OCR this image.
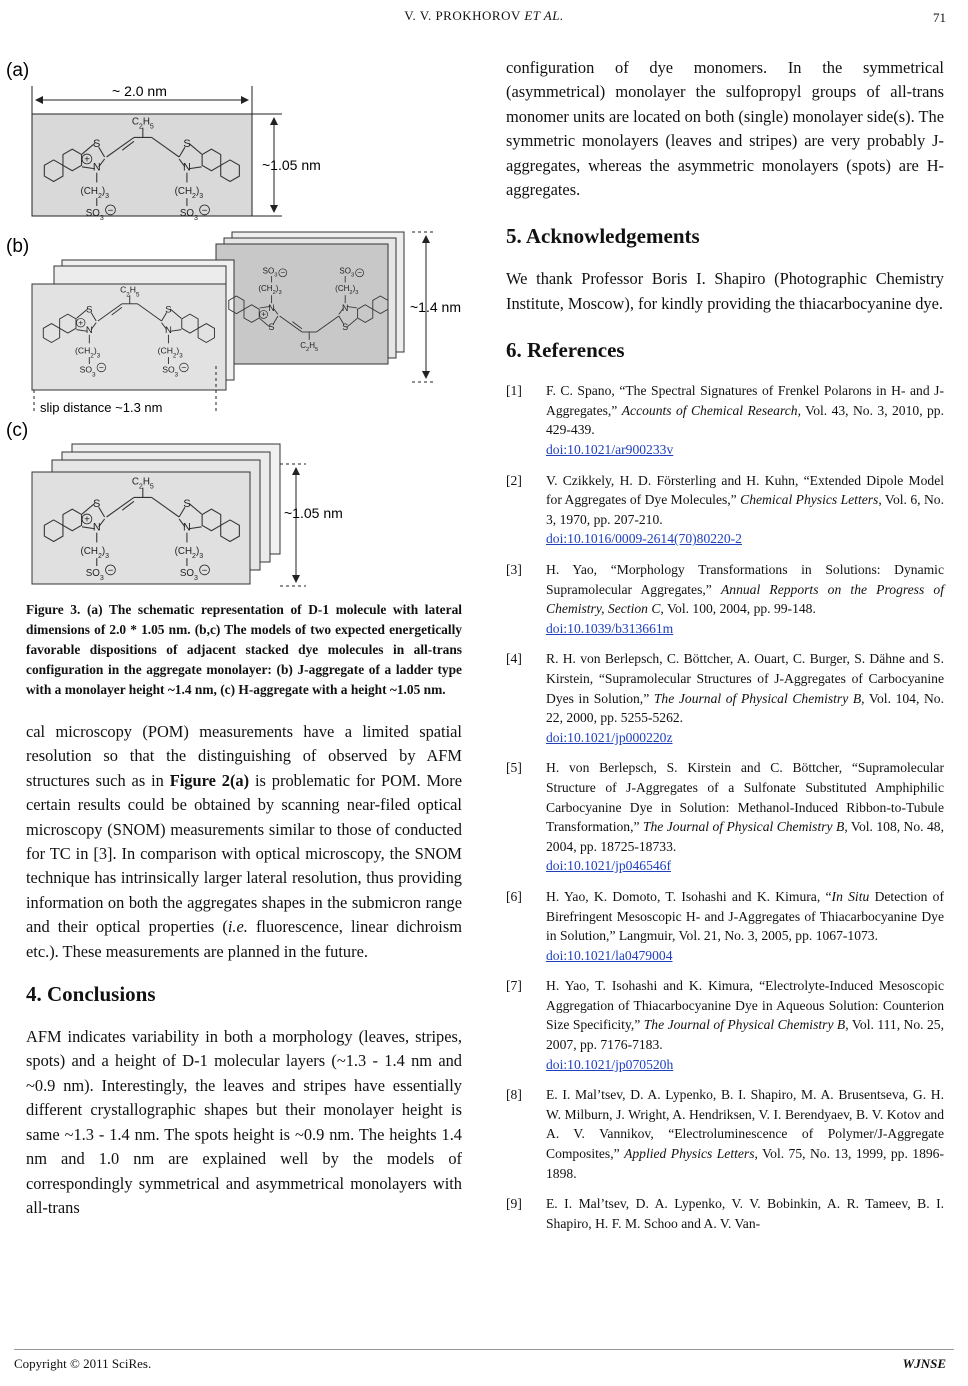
V. V. PROKHOROV ET AL.	71
(a)
(b)
(c)
~ 2.0 nm
~1.05 nm
S
N
S
N
$C_2H_5$
$(CH_2)_3$	$(CH_2)_3$
$SO_3$	$SO_3$
+
−	−
S
N
S
N
$C_2H_5$
$(CH_2)_3$	$(CH_2)_3$
$SO_3$	$SO_3$
+
−	−
S
N
S
N
$C_2H_5$
$(CH_2)_3$	$(CH_2)_3$
$SO_3$	$SO_3$
+
−	−
~1.4 nm
slip distance ~1.3 nm
S
N
S
N
$C_2H_5$
$(CH_2)_3$	$(CH_2)_3$
$SO_3$	$SO_3$
+
−	−
~1.05 nm
Figure 3. (a) The schematic representation of D-1 molecule with lateral dimensions of 2.0 * 1.05 nm. (b,c) The models of two expected energetically favorable dispositions of adjacent stacked dye molecules in all-trans configuration in the aggregate monolayer: (b) J-aggregate of a ladder type with a monolayer height ~1.4 nm, (c) H-aggregate with a height ~1.05 nm.

cal microscopy (POM) measurements have a limited spatial resolution so that the distinguishing of observed by AFM structures such as in Figure 2(a) is problematic for POM. More certain results could be obtained by scanning near-filed optical microscopy (SNOM) measurements similar to those of conducted for TC in [3]. In comparison with optical microscopy, the SNOM technique has intrinsically larger lateral resolution, thus providing information on both the aggregates shapes in the submicron range and their optical properties (i.e. fluorescence, linear dichroism etc.). These measurements are planned in the future.

4. Conclusions

AFM indicates variability in both a morphology (leaves, stripes, spots) and a height of D-1 molecular layers (~1.3 - 1.4 nm and ~0.9 nm). Interestingly, the leaves and stripes have essentially different crystallographic shapes but their monolayer height is same ~1.3 - 1.4 nm. The spots height is ~0.9 nm. The heights 1.4 nm and 1.0 nm are explained well by the models of correspondingly symmetrical and asymmetrical monolayers with all-trans

configuration of dye monomers. In the symmetrical (asymmetrical) monolayer the sulfopropyl groups of all-trans monomer units are located on both (single) monolayer side(s). The symmetric monolayers (leaves and stripes) are very probably J-aggregates, whereas the asymmetric monolayers (spots) are H-aggregates.

5. Acknowledgements

We thank Professor Boris I. Shapiro (Photographic Chemistry Institute, Moscow), for kindly providing the thiacarbocyanine dye.

6. References
[1] F. C. Spano, “The Spectral Signatures of Frenkel Polarons in H- and J-Aggregates,” Accounts of Chemical Research, Vol. 43, No. 3, 2010, pp. 429-439.
doi:10.1021/ar900233v
[2] V. Czikkely, H. D. Försterling and H. Kuhn, “Extended Dipole Model for Aggregates of Dye Molecules,” Chemical Physics Letters, Vol. 6, No. 3, 1970, pp. 207-210.
doi:10.1016/0009-2614(70)80220-2
[3] H. Yao, “Morphology Transformations in Solutions: Dynamic Supramolecular Aggregates,” Annual Repports on the Progress of Chemistry, Section C, Vol. 100, 2004, pp. 99-148.
doi:10.1039/b313661m
[4] R. H. von Berlepsch, C. Böttcher, A. Ouart, C. Burger, S. Dähne and S. Kirstein, “Supramolecular Structures of J-Aggregates of Carbocyanine Dyes in Solution,” The Journal of Physical Chemistry B, Vol. 104, No. 22, 2000, pp. 5255-5262.
doi:10.1021/jp000220z
[5] H. von Berlepsch, S. Kirstein and C. Böttcher, “Supramolecular Structure of J-Aggregates of a Sulfonate Substituted Amphiphilic Carbocyanine Dye in Solution: Methanol-Induced Ribbon-to-Tubule Transformation,” The Journal of Physical Chemistry B, Vol. 108, No. 48, 2004, pp. 18725-18733.
doi:10.1021/jp046546f
[6] H. Yao, K. Domoto, T. Isohashi and K. Kimura, “In Situ Detection of Birefringent Mesoscopic H- and J-Aggregates of Thiacarbocyanine Dye in Solution,” Langmuir, Vol. 21, No. 3, 2005, pp. 1067-1073.
doi:10.1021/la0479004
[7] H. Yao, T. Isohashi and K. Kimura, “Electrolyte-Induced Mesoscopic Aggregation of Thiacarbocyanine Dye in Aqueous Solution: Counterion Size Specificity,” The Journal of Physical Chemistry B, Vol. 111, No. 25, 2007, pp. 7176-7183.
doi:10.1021/jp070520h
[8] E. I. Mal’tsev, D. A. Lypenko, B. I. Shapiro, M. A. Brusentseva, G. H. W. Milburn, J. Wright, A. Hendriksen, V. I. Berendyaev, B. V. Kotov and A. V. Vannikov, “Electroluminescence of Polymer/J-Aggregate Composites,” Applied Physics Letters, Vol. 75, No. 13, 1999, pp. 1896-1898.
[9] E. I. Mal’tsev, D. A. Lypenko, V. V. Bobinkin, A. R. Tameev, B. I. Shapiro, H. F. M. Schoo and A. V. Van-
Copyright © 2011 SciRes.	WJNSE
